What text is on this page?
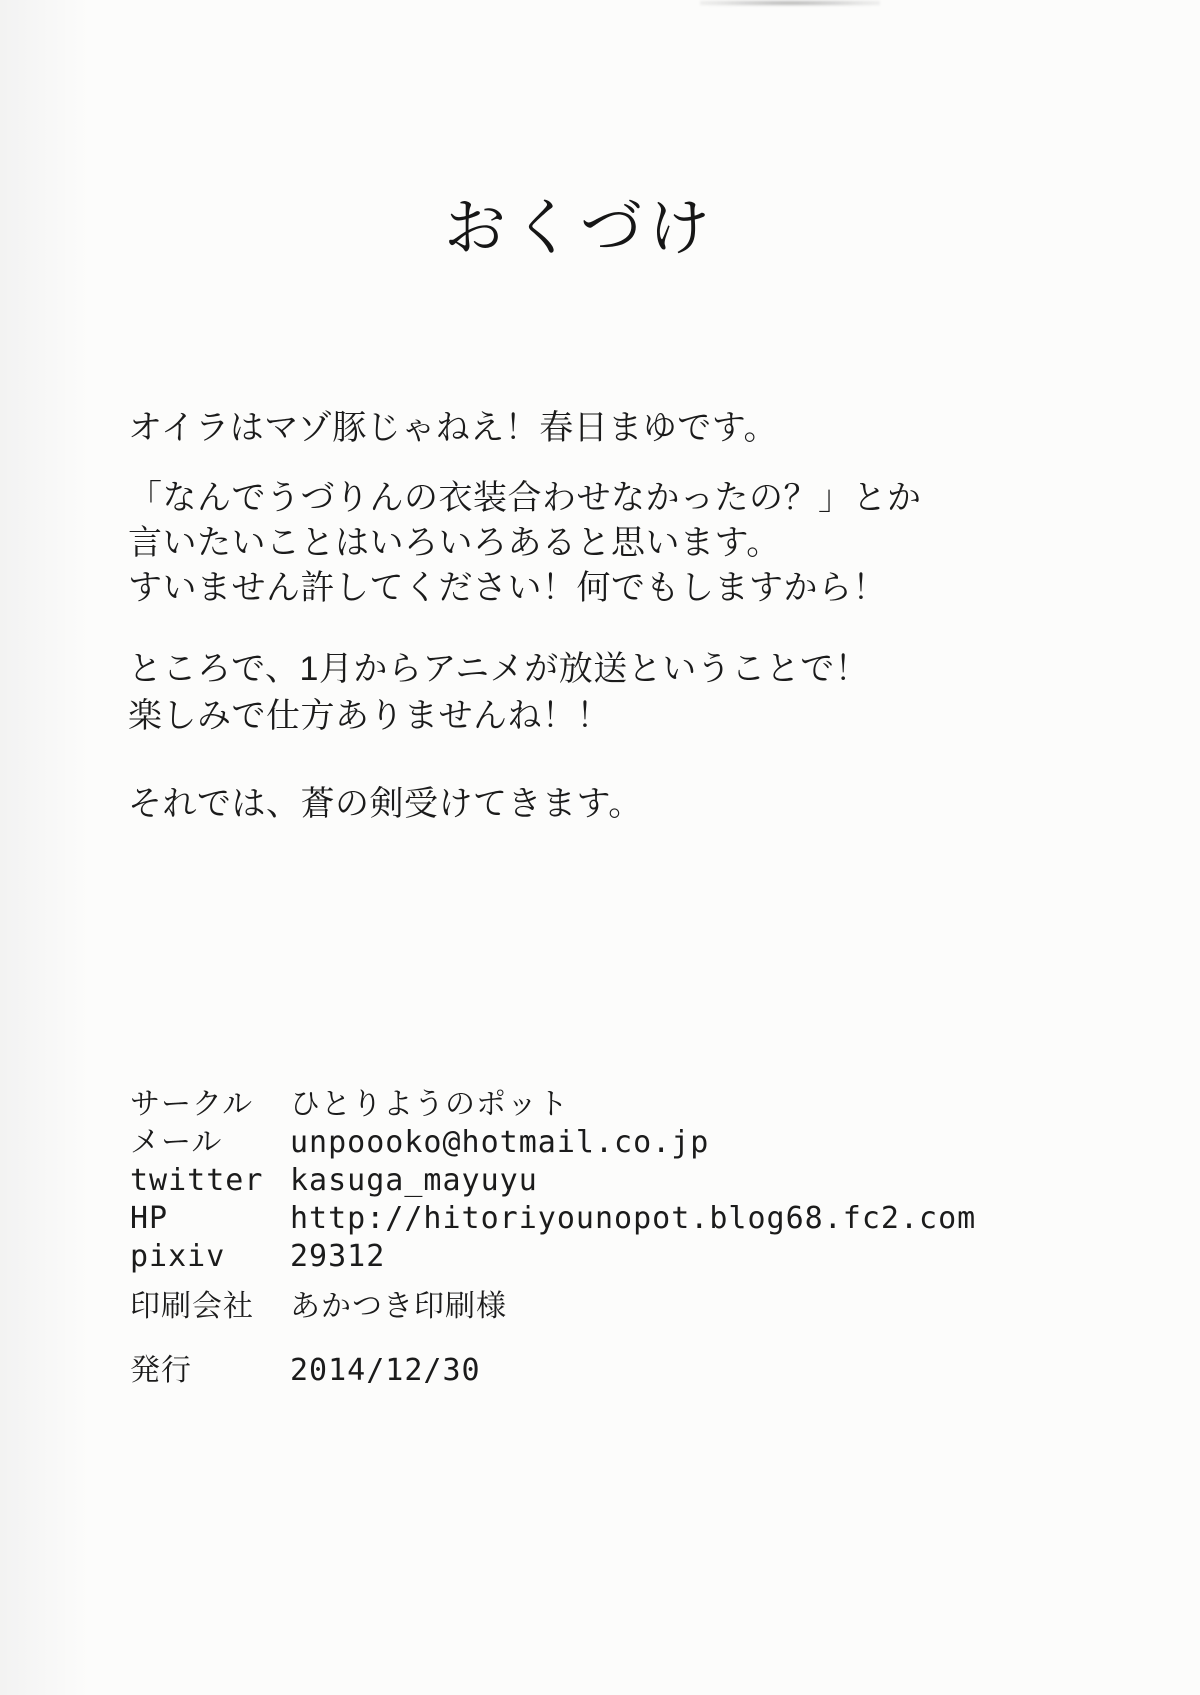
おくづけ

オイラはマゾ豚じゃねえ！春日まゆです。

「なんでうづりんの衣装合わせなかったの？」とか
言いたいことはいろいろあると思います。
すいません許してください！何でもしますから！

ところで、1月からアニメが放送ということで！
楽しみで仕方ありませんね！！

それでは、蒼の剣受けてきます。

サークル	ひとりようのポット
メール	unpoooko@hotmail.co.jp
twitter kasuga_mayuyu
HP	http://hitoriyounopot.blog68.fc2.com
pixiv	29312
印刷会社	あかつき印刷様
発行	2014/12/30
